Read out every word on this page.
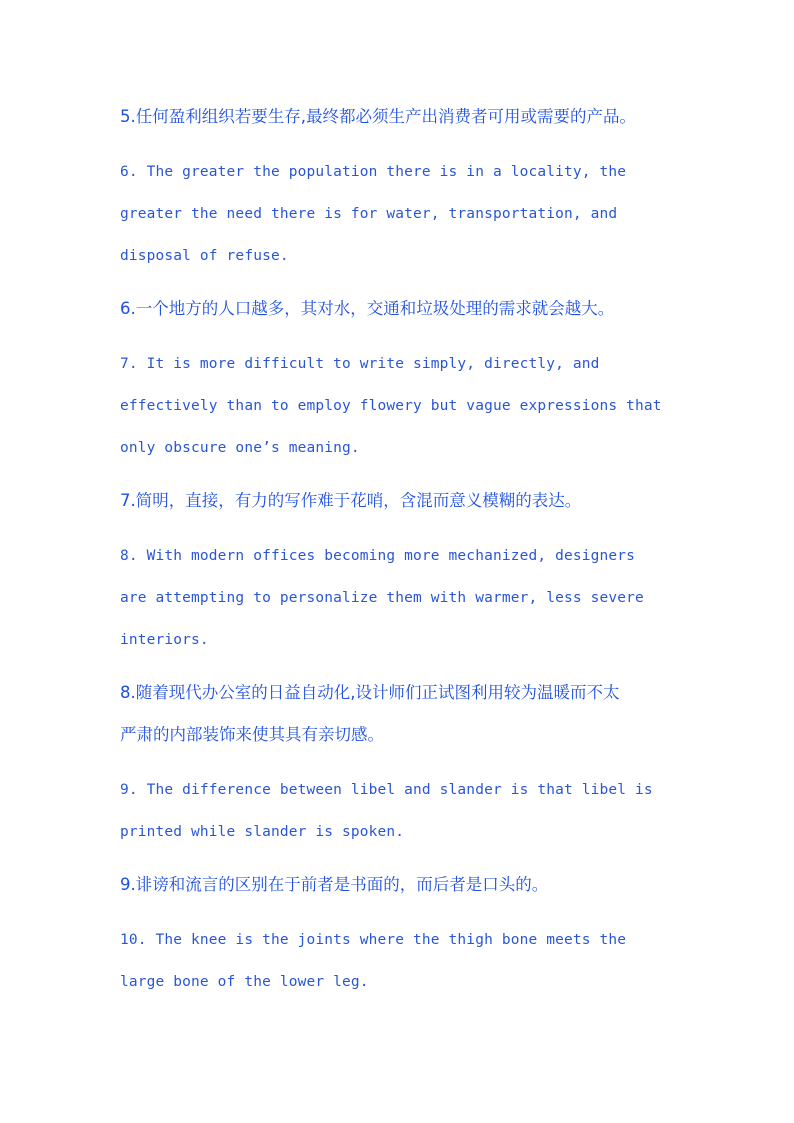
5.任何盈利组织若要生存,最终都必须生产出消费者可用或需要的产品。
6. The greater the population there is in a locality, the
greater the need there is for water, transportation, and
disposal of refuse.
6.一个地方的人口越多，其对水，交通和垃圾处理的需求就会越大。
7. It is more difficult to write simply, directly, and
effectively than to employ flowery but vague expressions that
only obscure one’s meaning.
7.简明，直接，有力的写作难于花哨，含混而意义模糊的表达。
8. With modern offices becoming more mechanized, designers
are attempting to personalize them with warmer, less severe
interiors.
8.随着现代办公室的日益自动化,设计师们正试图利用较为温暖而不太
严肃的内部装饰来使其具有亲切感。
9. The difference between libel and slander is that libel is
printed while slander is spoken.
9.诽谤和流言的区别在于前者是书面的，而后者是口头的。
10. The knee is the joints where the thigh bone meets the
large bone of the lower leg.
